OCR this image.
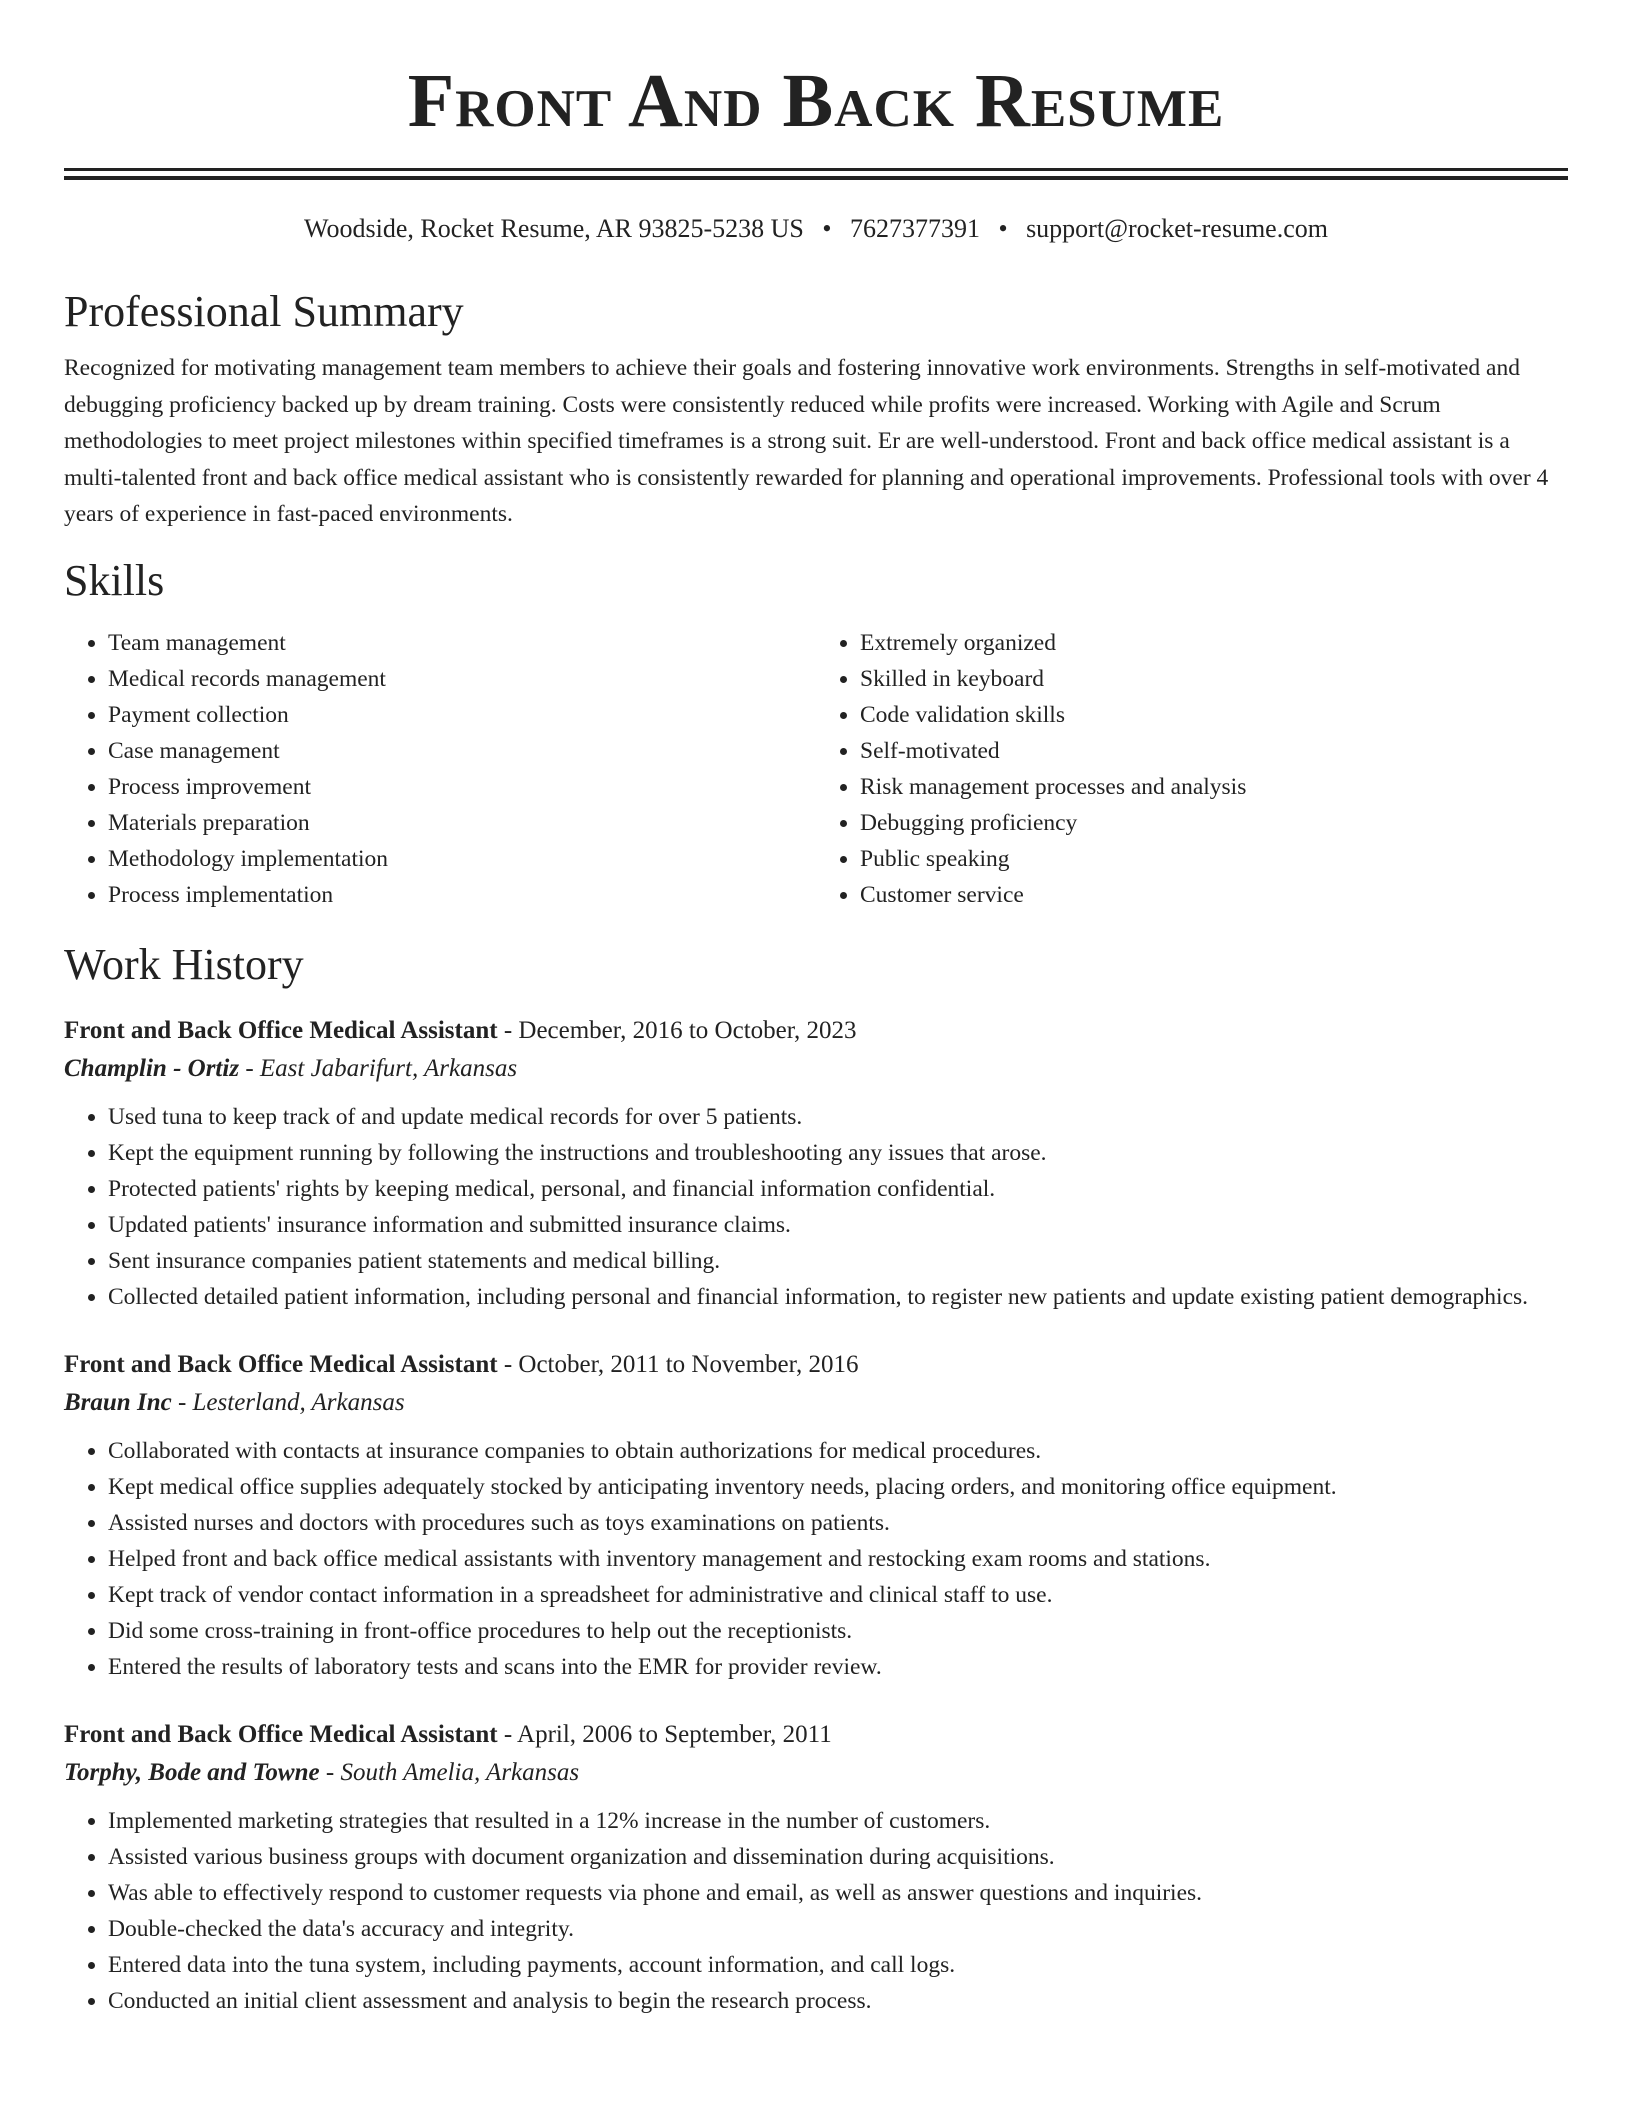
Front And Back Resume
Woodside, Rocket Resume, AR 93825-5238 US • 7627377391 • support@rocket-resume.com
Professional Summary

Recognized for motivating management team members to achieve their goals and fostering innovative work environments. Strengths in self-motivated and debugging proficiency backed up by dream training. Costs were consistently reduced while profits were increased. Working with Agile and Scrum methodologies to meet project milestones within specified timeframes is a strong suit. Er are well-understood. Front and back office medical assistant is a multi-talented front and back office medical assistant who is consistently rewarded for planning and operational improvements. Professional tools with over 4 years of experience in fast-paced environments.

Skills
• Team management
• Medical records management
• Payment collection
• Case management
• Process improvement
• Materials preparation
• Methodology implementation
• Process implementation
• Extremely organized
• Skilled in keyboard
• Code validation skills
• Self-motivated
• Risk management processes and analysis
• Debugging proficiency
• Public speaking
• Customer service
Work History
Front and Back Office Medical Assistant - December, 2016 to October, 2023
Champlin - Ortiz - East Jabarifurt, Arkansas
• Used tuna to keep track of and update medical records for over 5 patients.
• Kept the equipment running by following the instructions and troubleshooting any issues that arose.
• Protected patients' rights by keeping medical, personal, and financial information confidential.
• Updated patients' insurance information and submitted insurance claims.
• Sent insurance companies patient statements and medical billing.
• Collected detailed patient information, including personal and financial information, to register new patients and update existing patient demographics.
Front and Back Office Medical Assistant - October, 2011 to November, 2016
Braun Inc - Lesterland, Arkansas
• Collaborated with contacts at insurance companies to obtain authorizations for medical procedures.
• Kept medical office supplies adequately stocked by anticipating inventory needs, placing orders, and monitoring office equipment.
• Assisted nurses and doctors with procedures such as toys examinations on patients.
• Helped front and back office medical assistants with inventory management and restocking exam rooms and stations.
• Kept track of vendor contact information in a spreadsheet for administrative and clinical staff to use.
• Did some cross-training in front-office procedures to help out the receptionists.
• Entered the results of laboratory tests and scans into the EMR for provider review.
Front and Back Office Medical Assistant - April, 2006 to September, 2011
Torphy, Bode and Towne - South Amelia, Arkansas
• Implemented marketing strategies that resulted in a 12% increase in the number of customers.
• Assisted various business groups with document organization and dissemination during acquisitions.
• Was able to effectively respond to customer requests via phone and email, as well as answer questions and inquiries.
• Double-checked the data's accuracy and integrity.
• Entered data into the tuna system, including payments, account information, and call logs.
• Conducted an initial client assessment and analysis to begin the research process.
